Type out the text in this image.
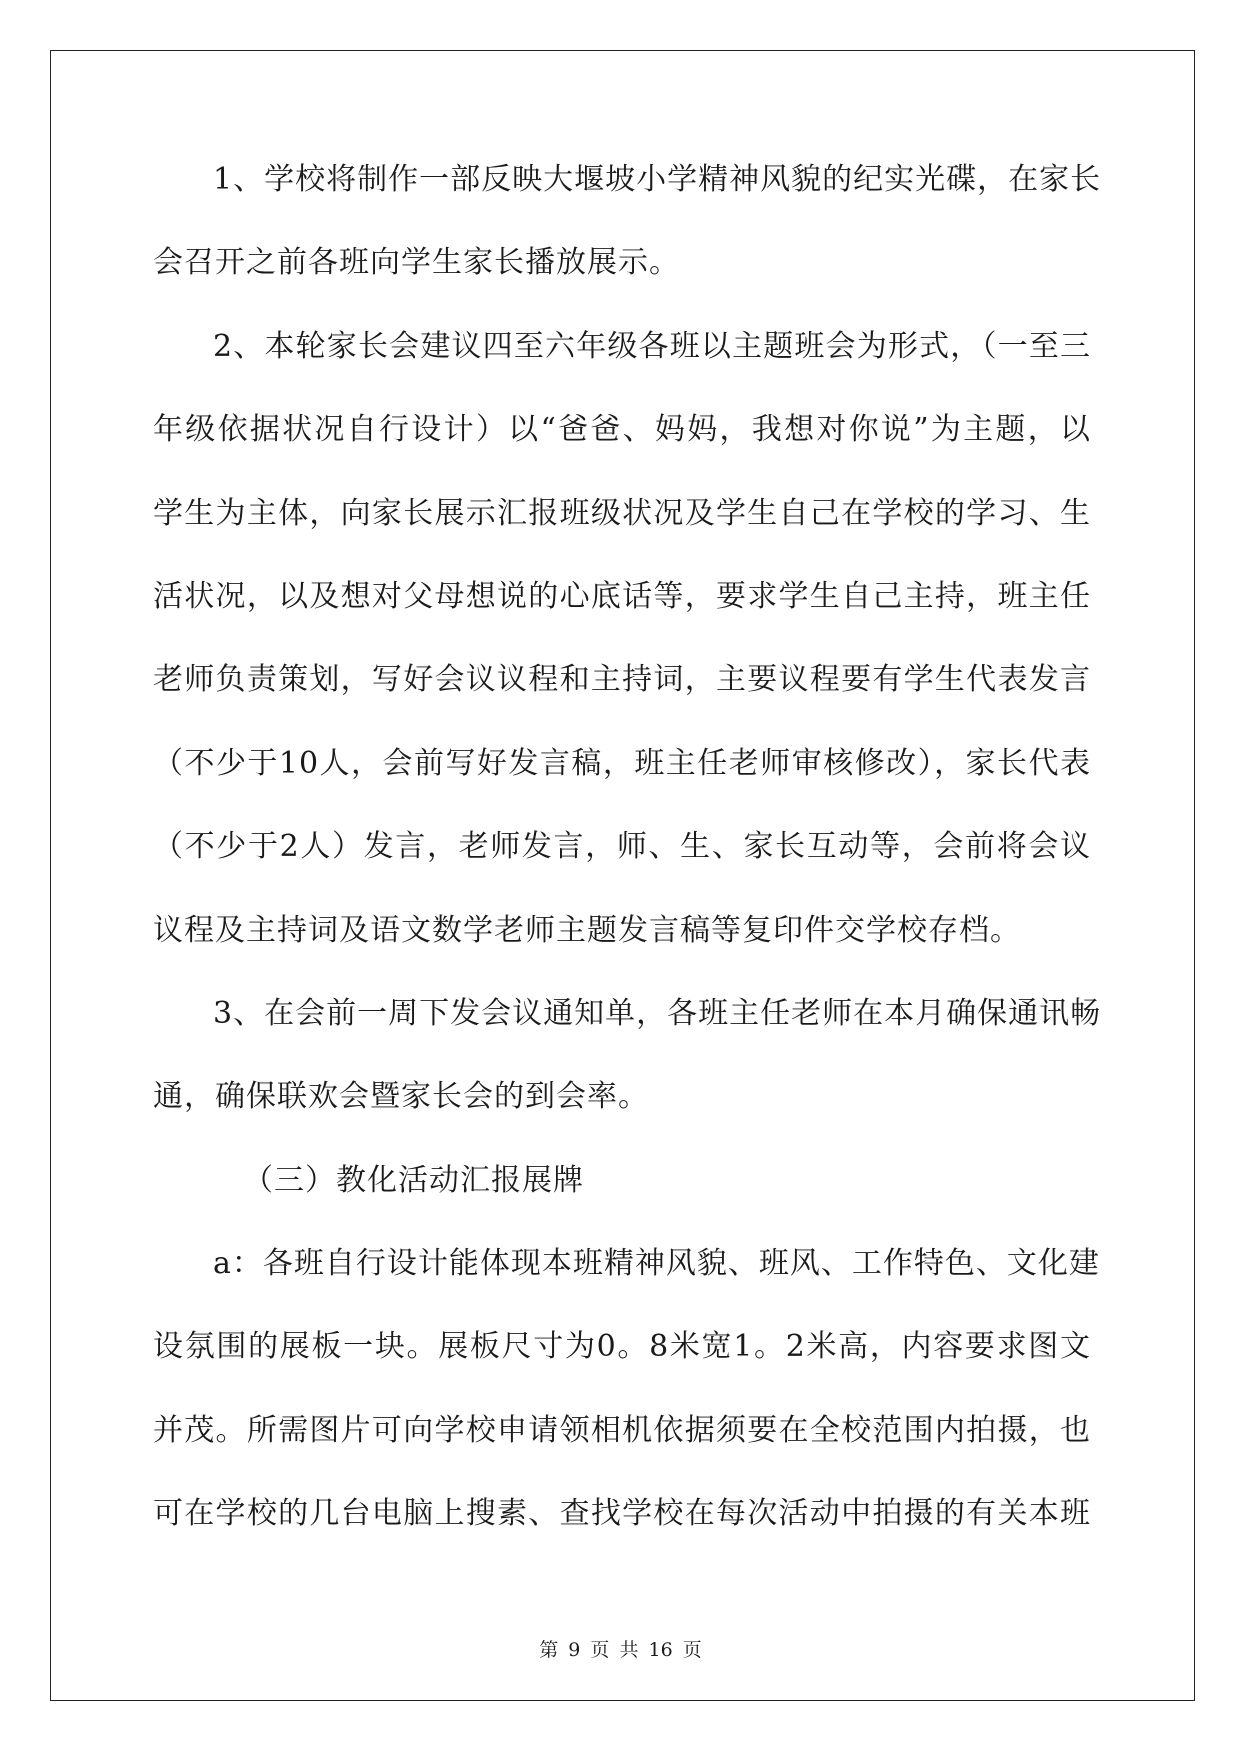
1、学校将制作一部反映大堰坡小学精神风貌的纪实光碟，在家长
会召开之前各班向学生家长播放展示。
2、本轮家长会建议四至六年级各班以主题班会为形式，（一至三
年级依据状况自行设计）以“爸爸、妈妈，我想对你说”为主题，以
学生为主体，向家长展示汇报班级状况及学生自己在学校的学习、生
活状况，以及想对父母想说的心底话等，要求学生自己主持，班主任
老师负责策划，写好会议议程和主持词，主要议程要有学生代表发言
（不少于10人，会前写好发言稿，班主任老师审核修改），家长代表
（不少于2人）发言，老师发言，师、生、家长互动等，会前将会议
议程及主持词及语文数学老师主题发言稿等复印件交学校存档。
3、在会前一周下发会议通知单，各班主任老师在本月确保通讯畅
通，确保联欢会暨家长会的到会率。
（三）教化活动汇报展牌
a：各班自行设计能体现本班精神风貌、班风、工作特色、文化建
设氛围的展板一块。展板尺寸为0。8米宽1。2米高，内容要求图文
并茂。所需图片可向学校申请领相机依据须要在全校范围内拍摄，也
可在学校的几台电脑上搜素、查找学校在每次活动中拍摄的有关本班
第 9 页 共 16 页
